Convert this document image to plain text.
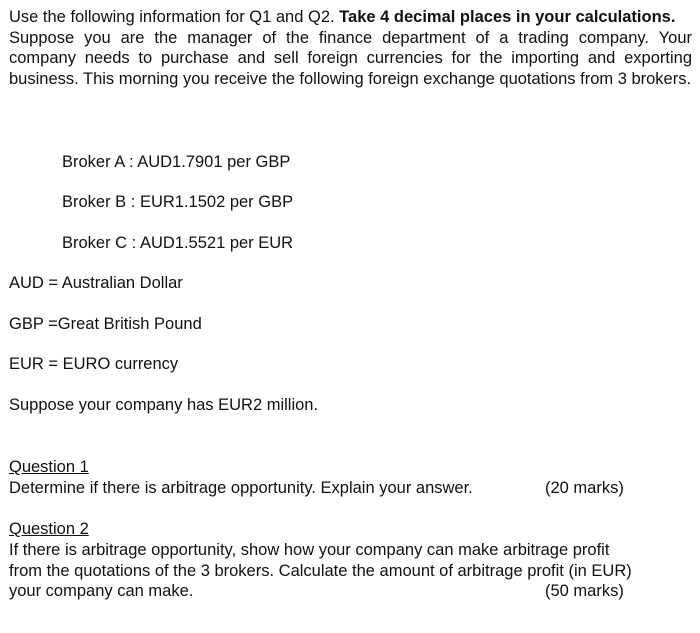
Use the following information for Q1 and Q2. Take 4 decimal places in your calculations.

Suppose you are the manager of the finance department of a trading company. Your company needs to purchase and sell foreign currencies for the importing and exporting business. This morning you receive the following foreign exchange quotations from 3 brokers.

Broker A : AUD1.7901 per GBP

Broker B : EUR1.1502 per GBP

Broker C : AUD1.5521 per EUR

AUD = Australian Dollar

GBP =Great British Pound

EUR = EURO currency

Suppose your company has EUR2 million.

Question 1

Determine if there is arbitrage opportunity. Explain your answer.	(20 marks)

Question 2

If there is arbitrage opportunity, show how your company can make arbitrage profit

from the quotations of the 3 brokers. Calculate the amount of arbitrage profit (in EUR)

your company can make.	(50 marks)
